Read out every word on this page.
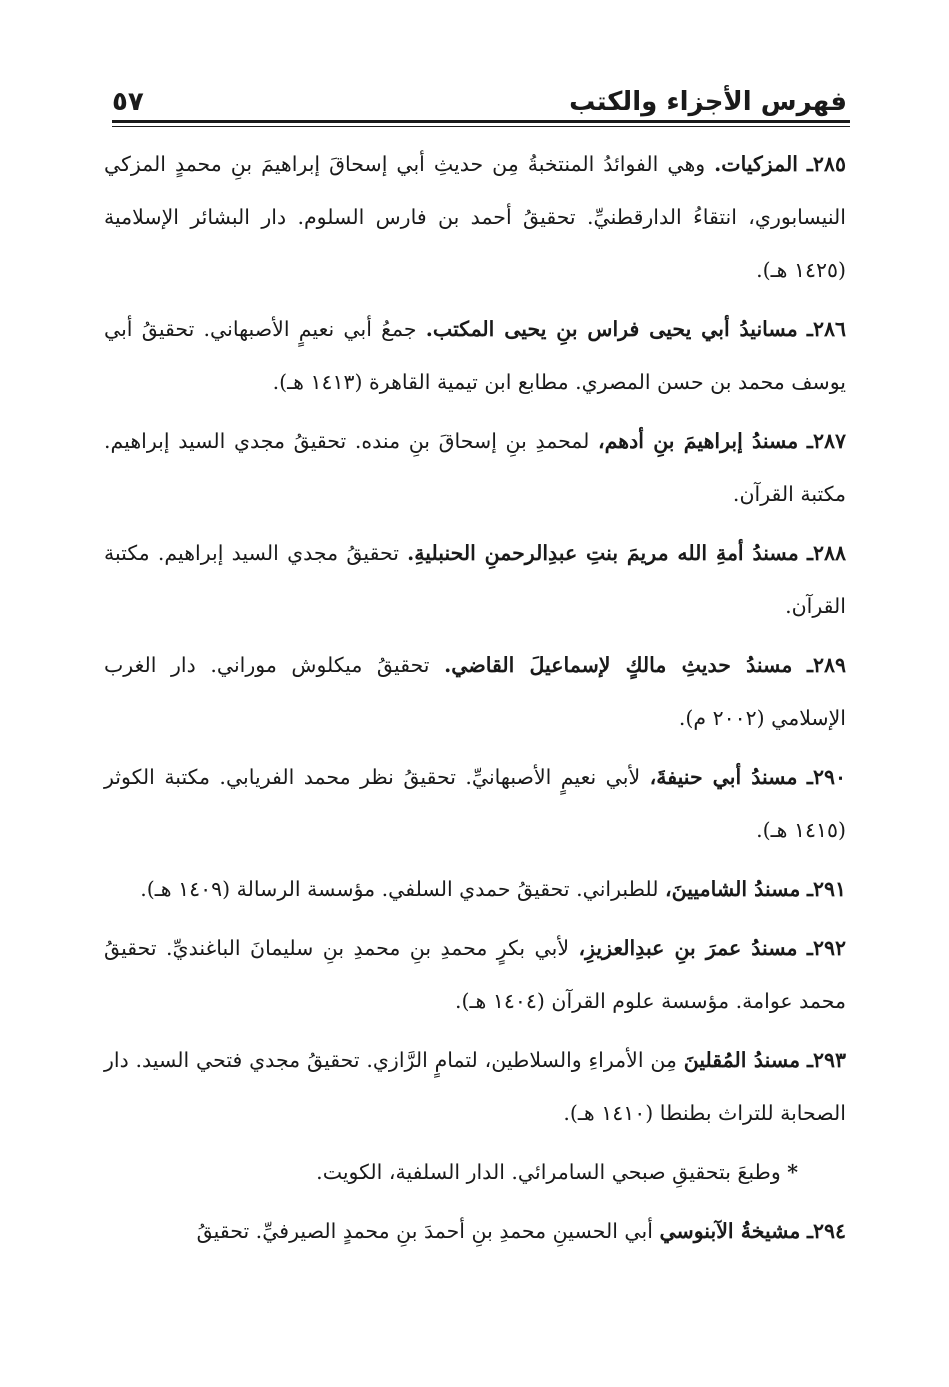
فهرس الأجزاء والكتب
٥٧

٢٨٥ـ المزكيات. وهي الفوائدُ المنتخبةُ مِن حديثِ أبي إسحاقَ إبراهيمَ بنِ محمدٍ المزكي النيسابوري، انتقاءُ الدارقطنيِّ. تحقيقُ أحمد بن فارس السلوم. دار البشائر الإسلامية (١٤٢٥ هـ).

٢٨٦ـ مسانيدُ أبي يحيى فراس بنِ يحيى المكتب. جمعُ أبي نعيمٍ الأصبهاني. تحقيقُ أبي يوسف محمد بن حسن المصري. مطابع ابن تيمية القاهرة (١٤١٣ هـ).

٢٨٧ـ مسندُ إبراهيمَ بنِ أدهم، لمحمدِ بنِ إسحاقَ بنِ منده. تحقيقُ مجدي السيد إبراهيم. مكتبة القرآن.

٢٨٨ـ مسندُ أمةِ الله مريمَ بنتِ عبدِالرحمنِ الحنبليةِ. تحقيقُ مجدي السيد إبراهيم. مكتبة القرآن.

٢٨٩ـ مسندُ حديثِ مالكٍ لإسماعيلَ القاضي. تحقيقُ ميكلوش موراني. دار الغرب الإسلامي (٢٠٠٢ م).

٢٩٠ـ مسندُ أبي حنيفةَ، لأبي نعيمٍ الأصبهانيِّ. تحقيقُ نظر محمد الفريابي. مكتبة الكوثر (١٤١٥ هـ).

٢٩١ـ مسندُ الشاميينَ، للطبراني. تحقيقُ حمدي السلفي. مؤسسة الرسالة (١٤٠٩ هـ).

٢٩٢ـ مسندُ عمرَ بنِ عبدِالعزيزِ، لأبي بكرٍ محمدِ بنِ محمدِ بنِ سليمانَ الباغنديِّ. تحقيقُ محمد عوامة. مؤسسة علوم القرآن (١٤٠٤ هـ).

٢٩٣ـ مسندُ المُقلينَ مِن الأمراءِ والسلاطين، لتمامٍ الرَّازي. تحقيقُ مجدي فتحي السيد. دار الصحابة للتراث بطنطا (١٤١٠ هـ).

* وطبعَ بتحقيقِ صبحي السامرائي. الدار السلفية، الكويت.

٢٩٤ـ مشيخةُ الآبنوسي أبي الحسينِ محمدِ بنِ أحمدَ بنِ محمدٍ الصيرفيِّ. تحقيقُ
